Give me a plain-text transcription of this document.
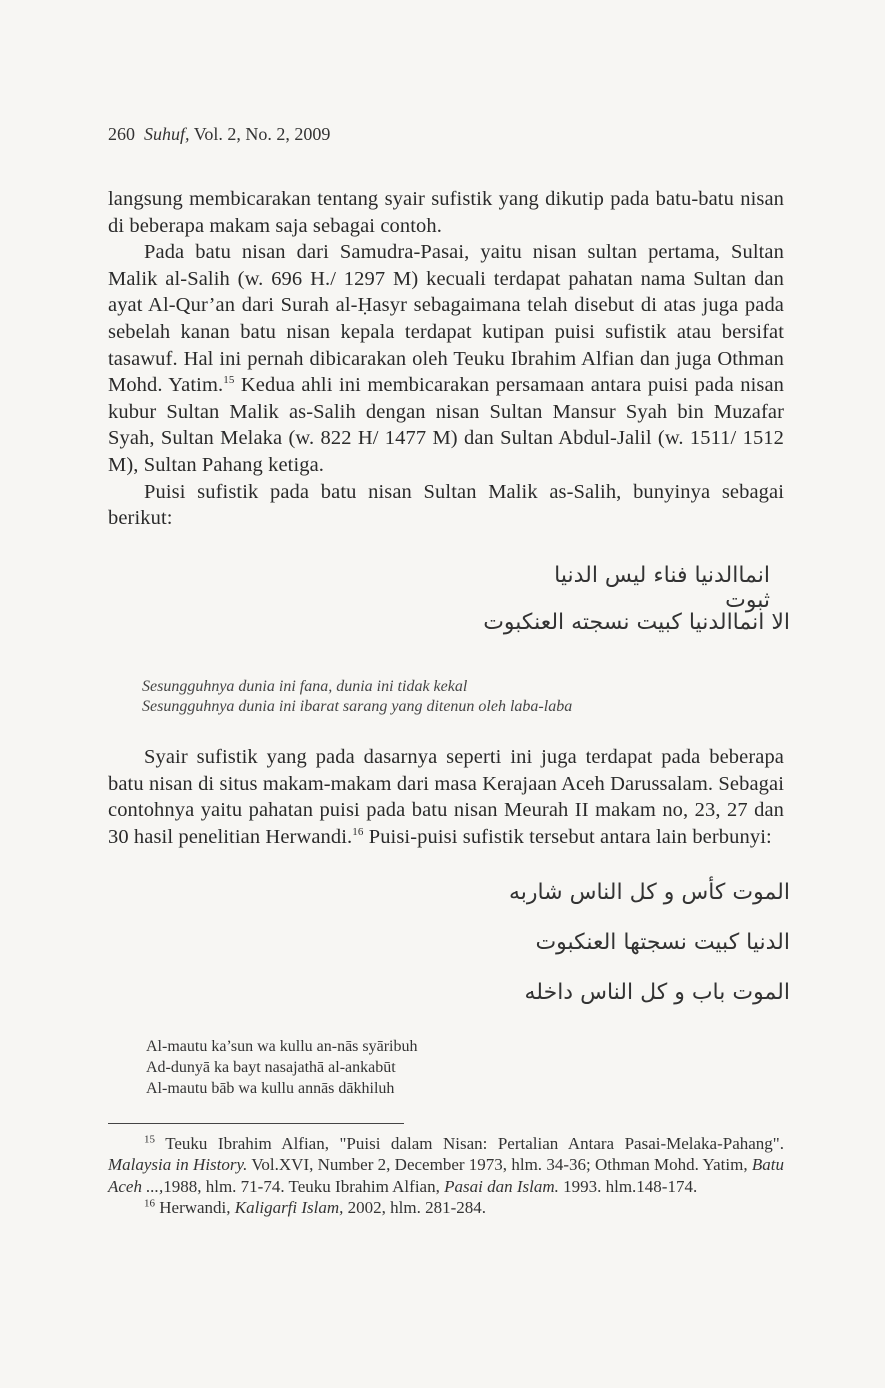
260 Suhuf, Vol. 2, No. 2, 2009

langsung membicarakan tentang syair sufistik yang dikutip pada batu-batu nisan di beberapa makam saja sebagai contoh.

Pada batu nisan dari Samudra-Pasai, yaitu nisan sultan pertama, Sultan Malik al-Salih (w. 696 H./ 1297 M) kecuali terdapat pahatan nama Sultan dan ayat Al-Qur’an dari Surah al-Ḥasyr sebagaimana telah disebut di atas juga pada sebelah kanan batu nisan kepala terdapat kutipan puisi sufistik atau bersifat tasawuf. Hal ini pernah dibicarakan oleh Teuku Ibrahim Alfian dan juga Othman Mohd. Yatim.$^{15}$ Kedua ahli ini membicarakan persamaan antara puisi pada nisan kubur Sultan Malik as-Salih dengan nisan Sultan Mansur Syah bin Muzafar Syah, Sultan Melaka (w. 822 H/ 1477 M) dan Sultan Abdul-Jalil (w. 1511/ 1512 M), Sultan Pahang ketiga.

Puisi sufistik pada batu nisan Sultan Malik as-Salih, bunyinya sebagai berikut:

انماالدنيا فناء ليس الدنيا ثبوت
الا انماالدنيا كبيت نسجته العنكبوت
Sesungguhnya dunia ini fana, dunia ini tidak kekal
Sesungguhnya dunia ini ibarat sarang yang ditenun oleh laba-laba

Syair sufistik yang pada dasarnya seperti ini juga terdapat pada beberapa batu nisan di situs makam-makam dari masa Kerajaan Aceh Darussalam. Sebagai contohnya yaitu pahatan puisi pada batu nisan Meurah II makam no, 23, 27 dan 30 hasil penelitian Herwandi.$^{16}$ Puisi-puisi sufistik tersebut antara lain berbunyi:

الموت كأس و كل الناس شاربه
الدنيا كبيت نسجتها العنكبوت
الموت باب و كل الناس داخله
Al-mautu ka’sun wa kullu an-nās syāribuh
Ad-dunyā ka bayt nasajathā al-ankabūt
Al-mautu bāb wa kullu annās dākhiluh

$^{15}$ Teuku Ibrahim Alfian, "Puisi dalam Nisan: Pertalian Antara Pasai-Melaka-Pahang". Malaysia in History. Vol.XVI, Number 2, December 1973, hlm. 34-36; Othman Mohd. Yatim, Batu Aceh ...,1988, hlm. 71-74. Teuku Ibrahim Alfian, Pasai dan Islam. 1993. hlm.148-174.

$^{16}$ Herwandi, Kaligarfi Islam, 2002, hlm. 281-284.
